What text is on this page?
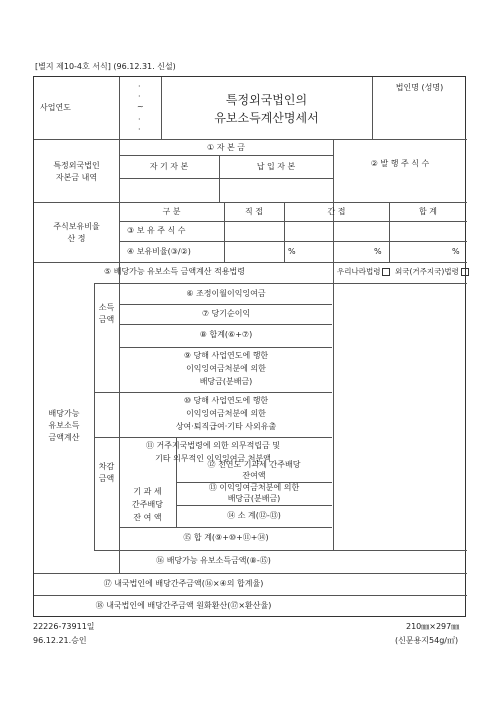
[별지 제10-4호 서식] (96.12.31. 신설)
사업연도
·
·
~
·
·
특정외국법인의
유보소득계산명세서
법인명 (성명)
특정외국법인
자본금 내역
① 자 본 금
자 기 자 본	납 입 자 본	② 발 행 주 식 수
주식보유비율
산 정
구 분	직 접	간 접	합 계
③ 보 유 주 식 수
④ 보유비율(③/②)	%	%	%
배당가능
유보소득
금액계산
⑤ 배당가능 유보소득 금액계산 적용법령	우리나라법령	외국(거주지국)법령
소득
금액
⑥ 조정이월이익잉여금
⑦ 당기순이익
⑧ 합계(⑥+⑦)
차감
금액
⑨ 당해 사업연도에 행한
이익잉여금처분에 의한
배당금(분배금)
⑩ 당해 사업연도에 행한
이익잉여금처분에 의한
상여·퇴직급여·기타 사외유출
⑪ 거주지국법령에 의한 의무적립금 및
기타 의무적인 이익잉여금 처분액
기 과 세
간주배당
잔 여 액
⑫ 전연도 기과세 간주배당
잔여액
⑬ 이익잉여금처분에 의한
배당금(분배금)
⑭ 소 계(⑫-⑬)
⑮ 합 계(⑨+⑩+⑪+⑭)
⑯ 배당가능 유보소득금액(⑧-⑮)
⑰ 내국법인에 배당간주금액(⑯×④의 합계율)
⑱ 내국법인에 배당간주금액 원화환산(⑰×환산율)
22226-73911일
96.12.21.승인
210㎜×297㎜
(신문용지54g/㎡)
